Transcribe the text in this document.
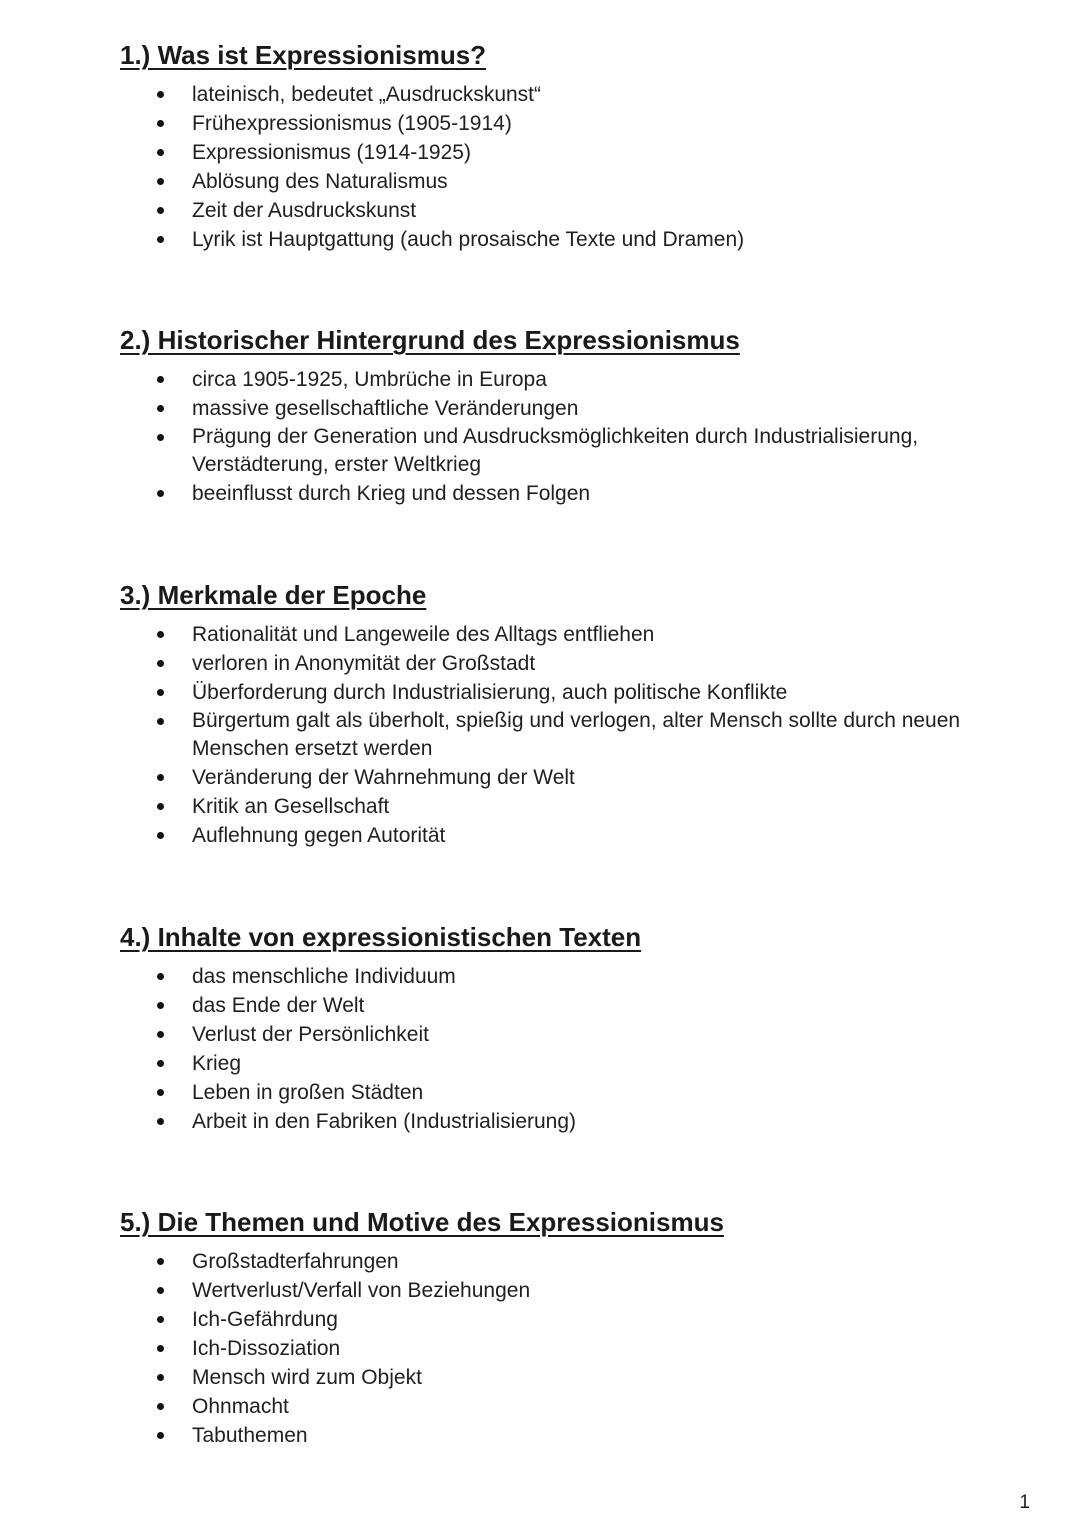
1.) Was ist Expressionismus?
lateinisch, bedeutet „Ausdruckskunst“
Frühexpressionismus (1905-1914)
Expressionismus (1914-1925)
Ablösung des Naturalismus
Zeit der Ausdruckskunst
Lyrik ist Hauptgattung (auch prosaische Texte und Dramen)
2.) Historischer Hintergrund des Expressionismus
circa 1905-1925, Umbrüche in Europa
massive gesellschaftliche Veränderungen
Prägung der Generation und Ausdrucksmöglichkeiten durch Industrialisierung, Verstädterung, erster Weltkrieg
beeinflusst durch Krieg und dessen Folgen
3.) Merkmale der Epoche
Rationalität und Langeweile des Alltags entfliehen
verloren in Anonymität der Großstadt
Überforderung durch Industrialisierung, auch politische Konflikte
Bürgertum galt als überholt, spießig und verlogen, alter Mensch sollte durch neuen Menschen ersetzt werden
Veränderung der Wahrnehmung der Welt
Kritik an Gesellschaft
Auflehnung gegen Autorität
4.) Inhalte von expressionistischen Texten
das menschliche Individuum
das Ende der Welt
Verlust der Persönlichkeit
Krieg
Leben in großen Städten
Arbeit in den Fabriken (Industrialisierung)
5.) Die Themen und Motive des Expressionismus
Großstadterfahrungen
Wertverlust/Verfall von Beziehungen
Ich-Gefährdung
Ich-Dissoziation
Mensch wird zum Objekt
Ohnmacht
Tabuthemen
1
